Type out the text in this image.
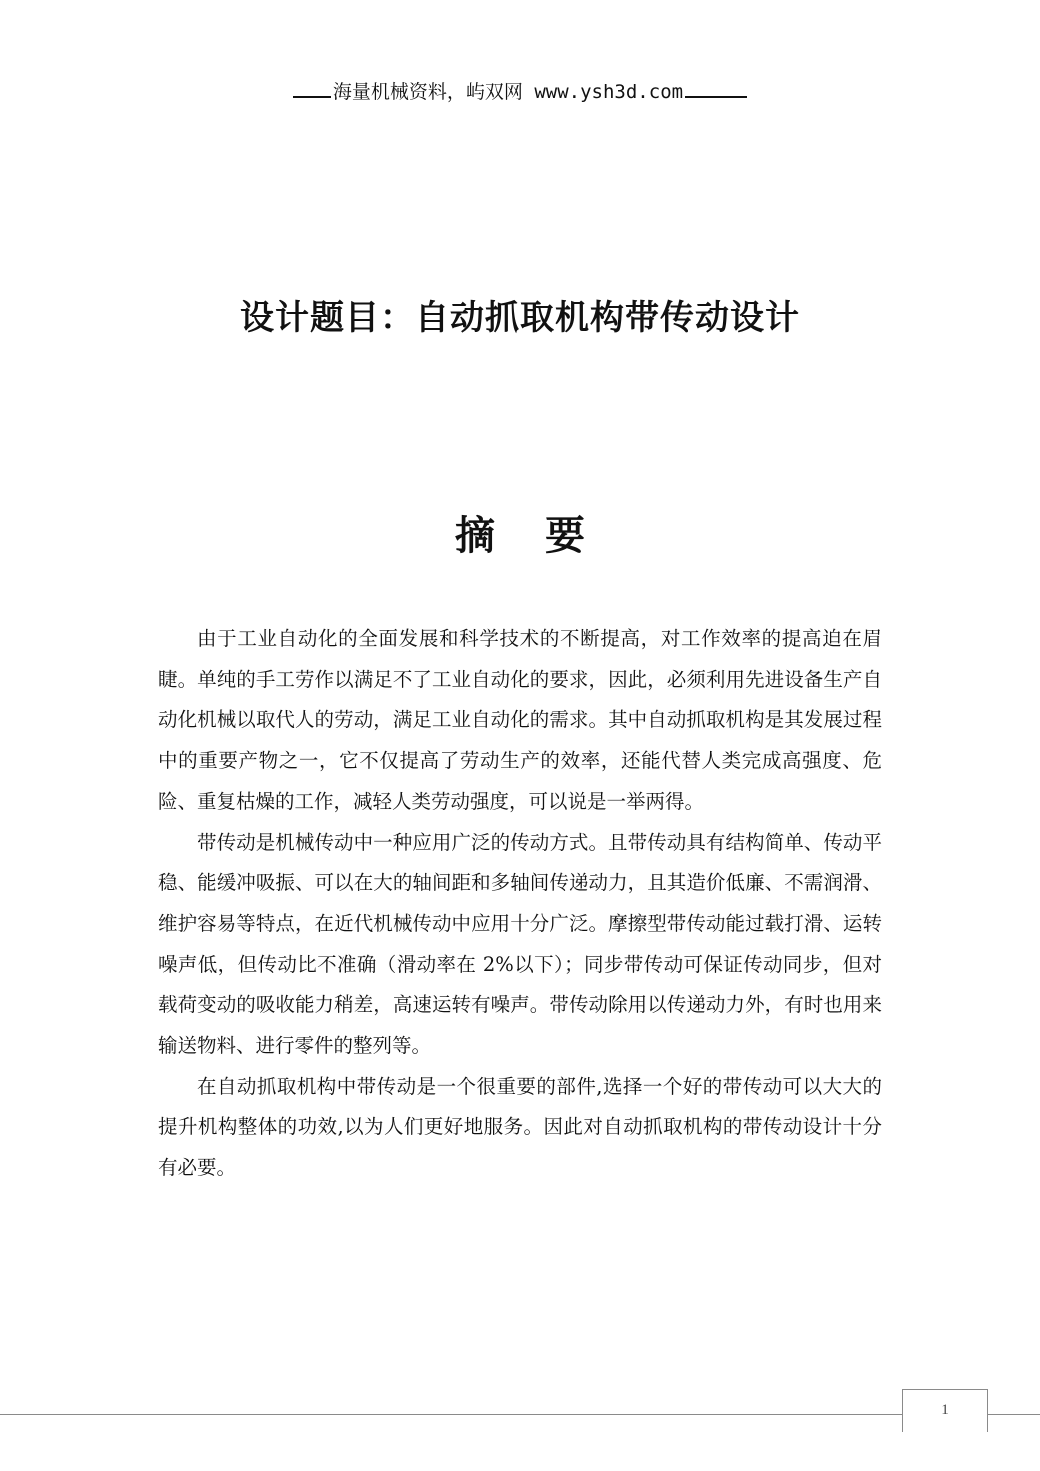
海量机械资料，屿双网 www.ysh3d.com
设计题目：自动抓取机构带传动设计
摘 要

由于工业自动化的全面发展和科学技术的不断提高，对工作效率的提高迫在眉睫。单纯的手工劳作以满足不了工业自动化的要求，因此，必须利用先进设备生产自动化机械以取代人的劳动，满足工业自动化的需求。其中自动抓取机构是其发展过程中的重要产物之一，它不仅提高了劳动生产的效率，还能代替人类完成高强度、危险、重复枯燥的工作，减轻人类劳动强度，可以说是一举两得。

带传动是机械传动中一种应用广泛的传动方式。且带传动具有结构简单、传动平稳、能缓冲吸振、可以在大的轴间距和多轴间传递动力，且其造价低廉、不需润滑、维护容易等特点，在近代机械传动中应用十分广泛。摩擦型带传动能过载打滑、运转噪声低，但传动比不准确（滑动率在 2%以下）；同步带传动可保证传动同步，但对载荷变动的吸收能力稍差，高速运转有噪声。带传动除用以传递动力外，有时也用来输送物料、进行零件的整列等。

在自动抓取机构中带传动是一个很重要的部件,选择一个好的带传动可以大大的提升机构整体的功效,以为人们更好地服务。因此对自动抓取机构的带传动设计十分有必要。

1
